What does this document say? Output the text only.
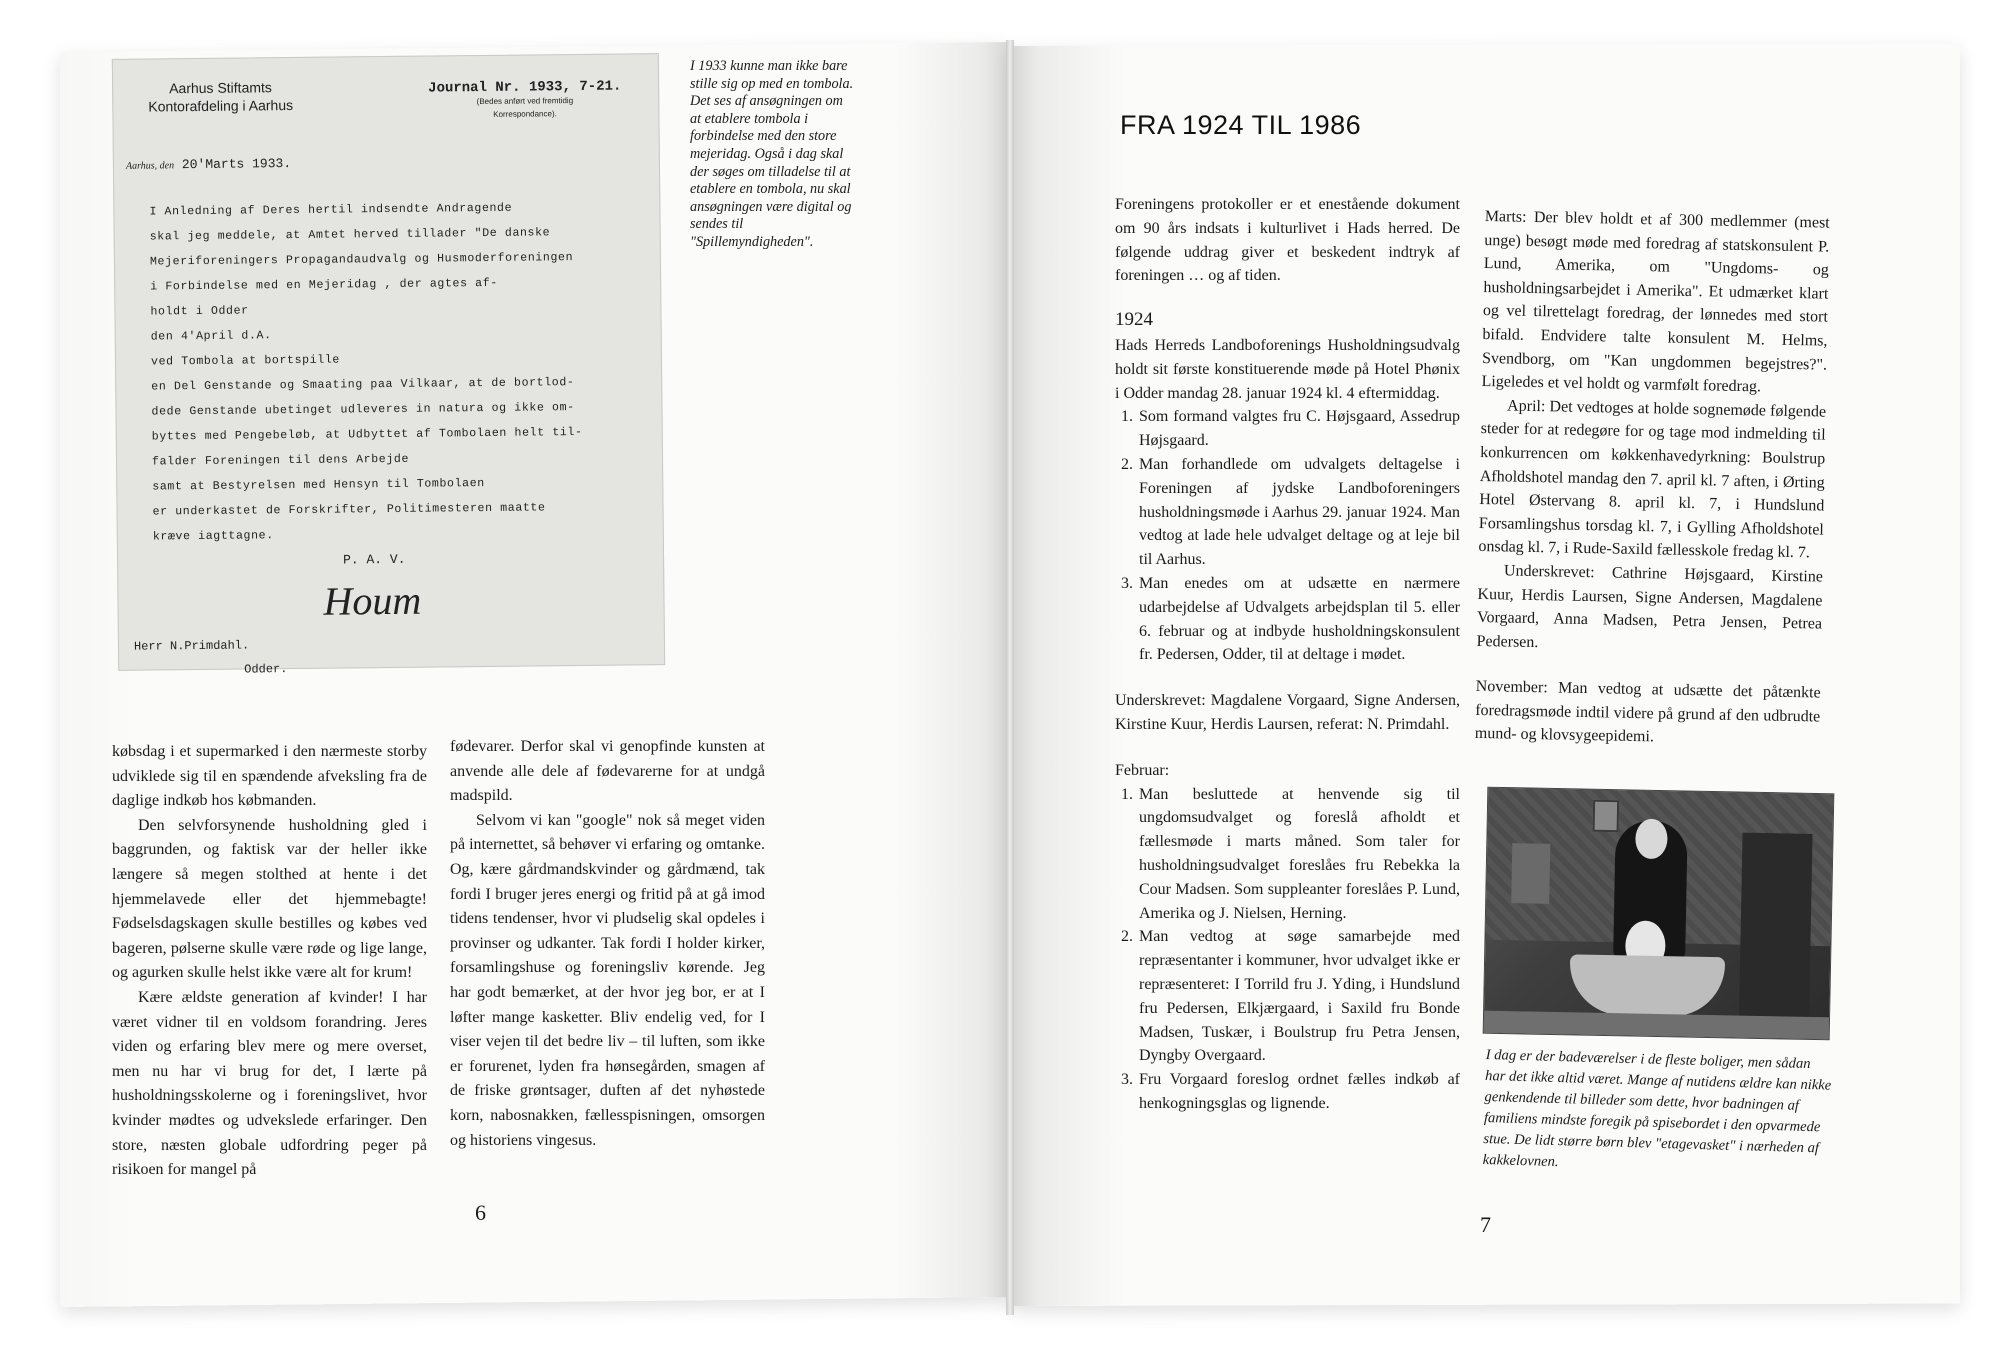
Aarhus Stiftamts
Kontorafdeling i Aarhus
Journal Nr. 1933, 7-21.
(Bedes anført ved fremtidig
Korrespondance).
Aarhus, den 20'Marts 1933.
I Anledning af Deres hertil indsendte Andragende
skal jeg meddele, at Amtet herved tillader "De danske
Mejeriforeningers Propagandaudvalg og Husmoderforeningen
i Forbindelse med en Mejeridag , der agtes af-
holdt i Odder
den 4'April d.A.
ved Tombola at bortspille
en Del Genstande og Smaating paa Vilkaar, at de bortlod-
dede Genstande ubetinget udleveres in natura og ikke om-
byttes med Pengebeløb, at Udbyttet af Tombolaen helt til-
falder Foreningen til dens Arbejde
samt at Bestyrelsen med Hensyn til Tombolaen
er underkastet de Forskrifter, Politimesteren maatte
kræve iagttagne.
P. A. V.
Houm
Herr N.Primdahl.
Odder.
I 1933 kunne man ikke bare stille sig op med en tombola. Det ses af ansøgningen om at etablere tombola i forbindelse med den store mejeridag. Også i dag skal der søges om tilladelse til at etablere en tombola, nu skal ansøgningen være digital og sendes til "Spillemyndigheden".

købsdag i et supermarked i den nærmeste storby udviklede sig til en spændende afveksling fra de daglige indkøb hos købmanden.

Den selvforsynende husholdning gled i baggrunden, og faktisk var der heller ikke længere så megen stolthed at hente i det hjemmelavede eller det hjemmebagte! Fødselsdagskagen skulle bestilles og købes ved bageren, pølserne skulle være røde og lige lange, og agurken skulle helst ikke være alt for krum!

Kære ældste generation af kvinder! I har været vidner til en voldsom forandring. Jeres viden og erfaring blev mere og mere overset, men nu har vi brug for det, I lærte på husholdningsskolerne og i foreningslivet, hvor kvinder mødtes og udvekslede erfaringer. Den store, næsten globale udfordring peger på risikoen for mangel på

fødevarer. Derfor skal vi genopfinde kunsten at anvende alle dele af fødevarerne for at undgå madspild.

Selvom vi kan "google" nok så meget viden på internettet, så behøver vi erfaring og omtanke. Og, kære gårdmandskvinder og gårdmænd, tak fordi I bruger jeres energi og fritid på at gå imod tidens tendenser, hvor vi pludselig skal opdeles i provinser og udkanter. Tak fordi I holder kirker, forsamlingshuse og foreningsliv kørende. Jeg har godt bemærket, at der hvor jeg bor, er at I løfter mange kasketter. Bliv endelig ved, for I viser vejen til det bedre liv – til luften, som ikke er forurenet, lyden fra hønsegården, smagen af de friske grøntsager, duften af det nyhøstede korn, nabosnakken, fællesspisningen, omsorgen og historiens vingesus.

6
FRA 1924 TIL 1986

Foreningens protokoller er et enestående dokument om 90 års indsats i kulturlivet i Hads herred. De følgende uddrag giver et beskedent indtryk af foreningen … og af tiden.

1924

Hads Herreds Landboforenings Husholdningsudvalg holdt sit første konstituerende møde på Hotel Phønix i Odder mandag 28. januar 1924 kl. 4 eftermiddag.

1. Som formand valgtes fru C. Højsgaard, Assedrup Højsgaard.
2. Man forhandlede om udvalgets deltagelse i Foreningen af jydske Landboforeningers husholdningsmøde i Aarhus 29. januar 1924. Man vedtog at lade hele udvalget deltage og at leje bil til Aarhus.
3. Man enedes om at udsætte en nærmere udarbejdelse af Udvalgets arbejdsplan til 5. eller 6. februar og at indbyde husholdningskonsulent fr. Pedersen, Odder, til at deltage i mødet.

Underskrevet: Magdalene Vorgaard, Signe Andersen, Kirstine Kuur, Herdis Laursen, referat: N. Primdahl.

Februar:

1. Man besluttede at henvende sig til ungdomsudvalget og foreslå afholdt et fællesmøde i marts måned. Som taler for husholdningsudvalget foreslåes fru Rebekka la Cour Madsen. Som suppleanter foreslåes P. Lund, Amerika og J. Nielsen, Herning.
2. Man vedtog at søge samarbejde med repræsentanter i kommuner, hvor udvalget ikke er repræsenteret: I Torrild fru J. Yding, i Hundslund fru Pedersen, Elkjærgaard, i Saxild fru Bonde Madsen, Tuskær, i Boulstrup fru Petra Jensen, Dyngby Overgaard.
3. Fru Vorgaard foreslog ordnet fælles indkøb af henkogningsglas og lignende.

Marts: Der blev holdt et af 300 medlemmer (mest unge) besøgt møde med foredrag af statskonsulent P. Lund, Amerika, om "Ungdoms- og husholdningsarbejdet i Amerika". Et udmærket klart og vel tilrettelagt foredrag, der lønnedes med stort bifald. Endvidere talte konsulent M. Helms, Svendborg, om "Kan ungdommen begejstres?". Ligeledes et vel holdt og varmfølt foredrag.

April: Det vedtoges at holde sognemøde følgende steder for at redegøre for og tage mod indmelding til konkurrencen om køkkenhavedyrkning: Boulstrup Afholdshotel mandag den 7. april kl. 7 aften, i Ørting Hotel Østervang 8. april kl. 7, i Hundslund Forsamlingshus torsdag kl. 7, i Gylling Afholdshotel onsdag kl. 7, i Rude-Saxild fællesskole fredag kl. 7.

Underskrevet: Cathrine Højsgaard, Kirstine Kuur, Herdis Laursen, Signe Andersen, Magdalene Vorgaard, Anna Madsen, Petra Jensen, Petrea Pedersen.

November: Man vedtog at udsætte det påtænkte foredragsmøde indtil videre på grund af den udbrudte mund- og klovsygeepidemi.

I dag er der badeværelser i de fleste boliger, men sådan har det ikke altid været. Mange af nutidens ældre kan nikke genkendende til billeder som dette, hvor badningen af familiens mindste foregik på spisebordet i den opvarmede stue. De lidt større børn blev "etagevasket" i nærheden af kakkelovnen.
7
